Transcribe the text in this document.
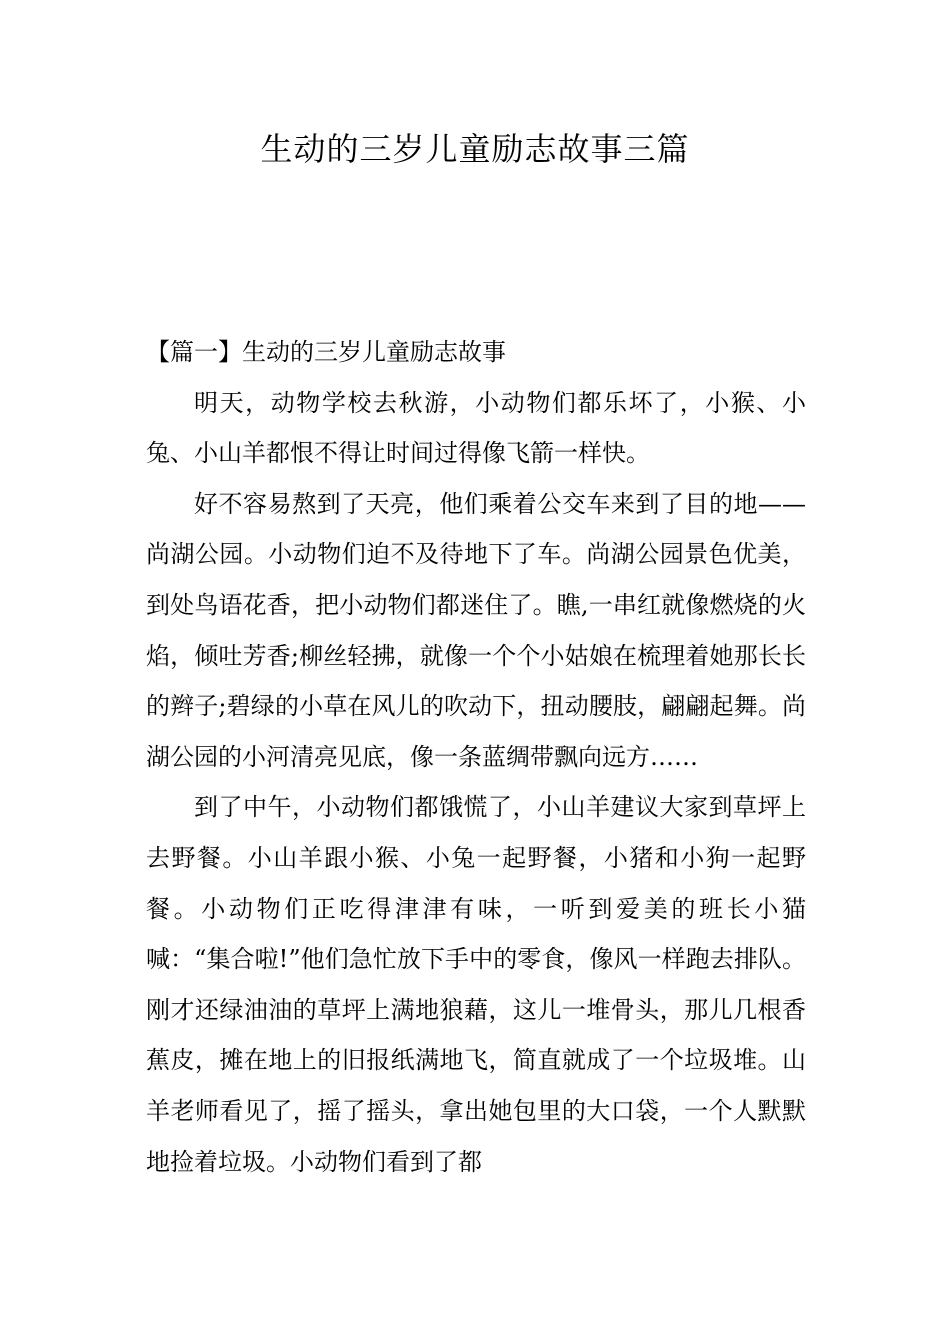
生动的三岁儿童励志故事三篇

【篇一】生动的三岁儿童励志故事

明天，动物学校去秋游，小动物们都乐坏了，小猴、小兔、小山羊都恨不得让时间过得像飞箭一样快。

好不容易熬到了天亮，他们乘着公交车来到了目的地——尚湖公园。小动物们迫不及待地下了车。尚湖公园景色优美，到处鸟语花香，把小动物们都迷住了。瞧,一串红就像燃烧的火焰，倾吐芳香;柳丝轻拂，就像一个个小姑娘在梳理着她那长长的辫子;碧绿的小草在风儿的吹动下，扭动腰肢，翩翩起舞。尚湖公园的小河清亮见底，像一条蓝绸带飘向远方……

到了中午，小动物们都饿慌了，小山羊建议大家到草坪上去野餐。小山羊跟小猴、小兔一起野餐，小猪和小狗一起野餐。小动物们正吃得津津有味，一听到爱美的班长小猫喊：“集合啦!”他们急忙放下手中的零食，像风一样跑去排队。刚才还绿油油的草坪上满地狼藉，这儿一堆骨头，那儿几根香蕉皮，摊在地上的旧报纸满地飞，简直就成了一个垃圾堆。山羊老师看见了，摇了摇头，拿出她包里的大口袋，一个人默默地捡着垃圾。小动物们看到了都
